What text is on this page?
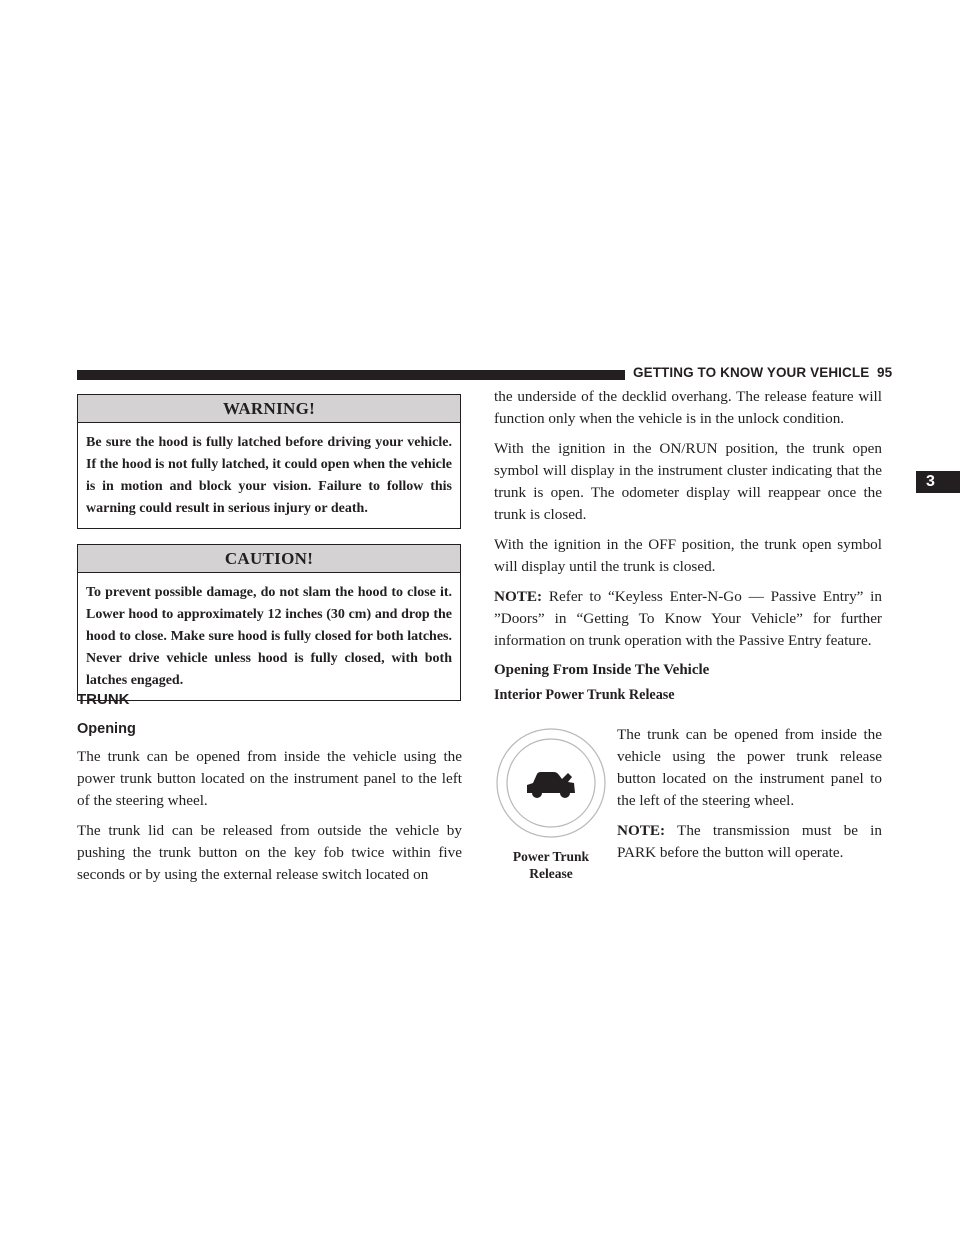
GETTING TO KNOW YOUR VEHICLE 95
3
WARNING!
Be sure the hood is fully latched before driving your vehicle. If the hood is not fully latched, it could open when the vehicle is in motion and block your vision. Failure to follow this warning could result in serious injury or death.
CAUTION!
To prevent possible damage, do not slam the hood to close it. Lower hood to approximately 12 inches (30 cm) and drop the hood to close. Make sure hood is fully closed for both latches. Never drive vehicle unless hood is fully closed, with both latches engaged.
TRUNK
Opening

The trunk can be opened from inside the vehicle using the power trunk button located on the instrument panel to the left of the steering wheel.

The trunk lid can be released from outside the vehicle by pushing the trunk button on the key fob twice within five seconds or by using the external release switch located on

the underside of the decklid overhang. The release feature will function only when the vehicle is in the unlock condition.

With the ignition in the ON/RUN position, the trunk open symbol will display in the instrument cluster indicating that the trunk is open. The odometer display will reappear once the trunk is closed.

With the ignition in the OFF position, the trunk open symbol will display until the trunk is closed.

NOTE: Refer to “Keyless Enter-N-Go — Passive Entry” in ”Doors” in “Getting To Know Your Vehicle” for further information on trunk operation with the Passive Entry feature.

Opening From Inside The Vehicle
Interior Power Trunk Release
Power Trunk
Release

The trunk can be opened from inside the vehicle using the power trunk release button located on the instrument panel to the left of the steering wheel.

NOTE: The transmission must be in PARK before the button will operate.
